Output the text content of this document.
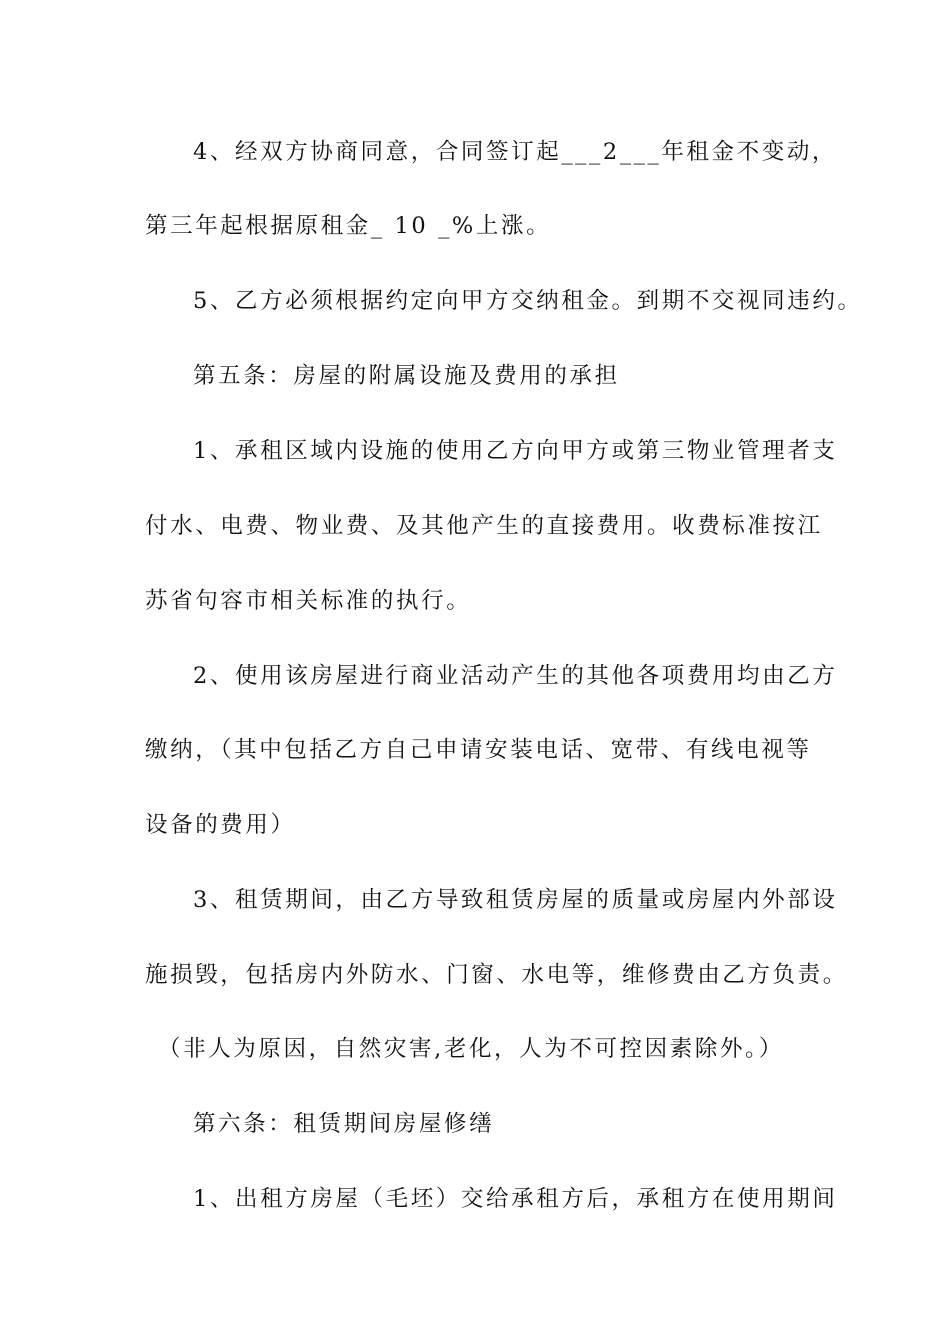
4、经双方协商同意，合同签订起___2___年租金不变动，
第三年起根据原租金_ 10 _%上涨。
5、乙方必须根据约定向甲方交纳租金。到期不交视同违约。
第五条：房屋的附属设施及费用的承担
1、承租区域内设施的使用乙方向甲方或第三物业管理者支
付水、电费、物业费、及其他产生的直接费用。收费标准按江
苏省句容市相关标准的执行。
2、使用该房屋进行商业活动产生的其他各项费用均由乙方
缴纳，（其中包括乙方自己申请安装电话、宽带、有线电视等
设备的费用）
3、租赁期间，由乙方导致租赁房屋的质量或房屋内外部设
施损毁，包括房内外防水、门窗、水电等，维修费由乙方负责。
（非人为原因，自然灾害,老化，人为不可控因素除外。）
第六条：租赁期间房屋修缮
1、出租方房屋（毛坯）交给承租方后，承租方在使用期间
